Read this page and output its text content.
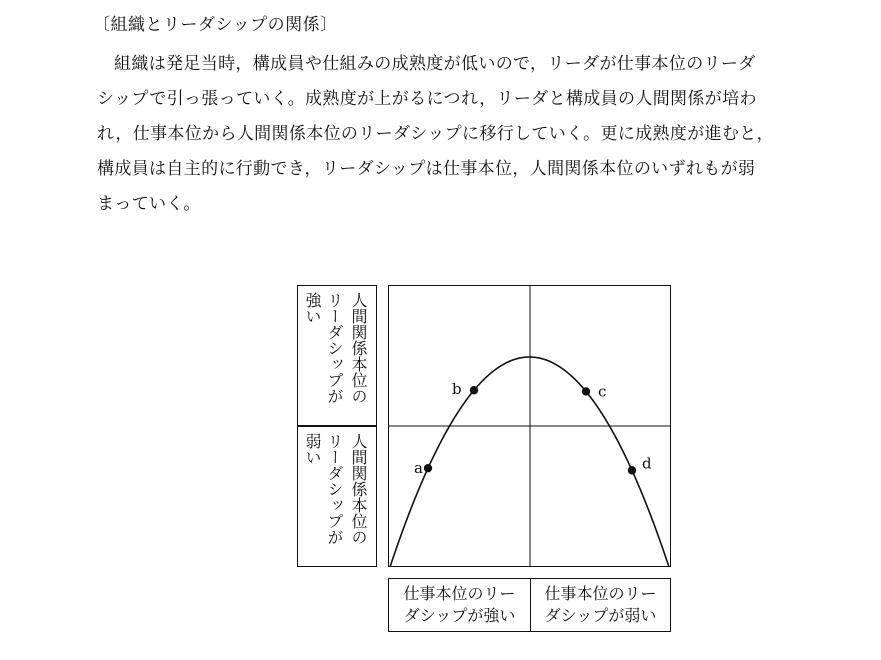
〔組織とリーダシップの関係〕

組織は発足当時，構成員や仕組みの成熟度が低いので，リーダが仕事本位のリーダ

シップで引っ張っていく。成熟度が上がるにつれ，リーダと構成員の人間関係が培わ

れ，仕事本位から人間関係本位のリーダシップに移行していく。更に成熟度が進むと，

構成員は自主的に行動でき，リーダシップは仕事本位，人間関係本位のいずれもが弱

まっていく。

人間関係本位の
リーダシップが
強い
人間関係本位の
リーダシップが
弱い
a
b	c
d
仕事本位のリー
ダシップが強い
仕事本位のリー
ダシップが弱い
